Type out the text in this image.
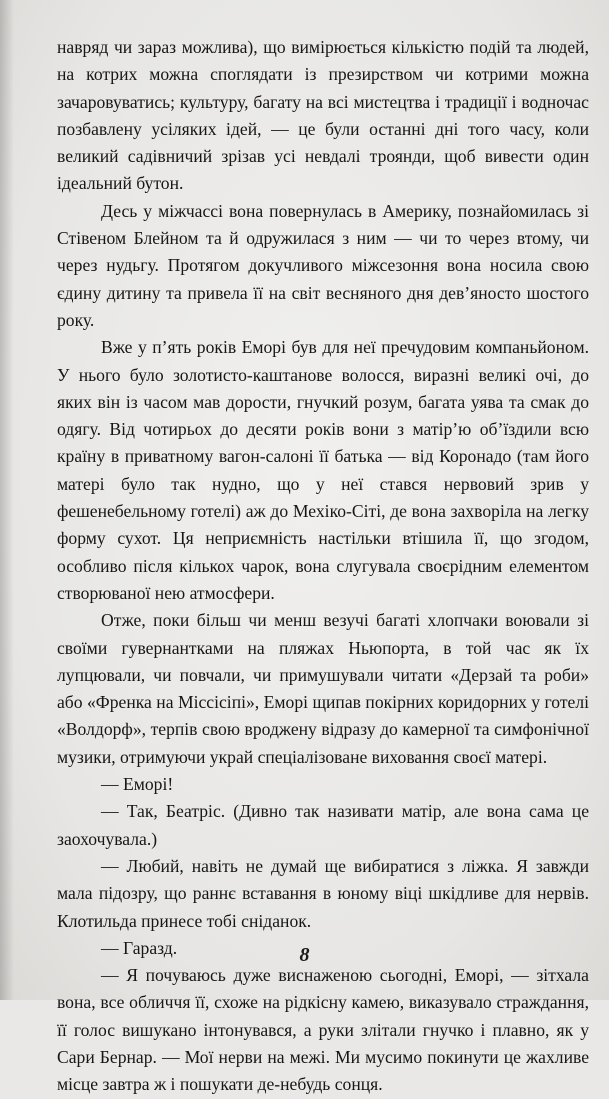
навряд чи зараз можлива), що вимірюється кількістю подій та людей, на котрих можна споглядати із презирством чи котрими можна зачаровуватись; культуру, багату на всі мистецтва і традиції і водночас позбавлену усіляких ідей, — це були останні дні того часу, коли великий садівничий зрізав усі невдалі троянди, щоб вивести один ідеальний бутон.

Десь у міжчассі вона повернулась в Америку, познайомилась зі Стівеном Блейном та й одружилася з ним — чи то через втому, чи через нудьгу. Протягом докучливого міжсезоння вона носила свою єдину дитину та привела її на світ весняного дня дев’яносто шостого року.

Вже у п’ять років Еморі був для неї пречудовим компаньйоном. У нього було золотисто-каштанове волосся, виразні великі очі, до яких він із часом мав дорости, гнучкий розум, багата уява та смак до одягу. Від чотирьох до десяти років вони з матір’ю об’їздили всю країну в приватному вагон-салоні її батька — від Коронадо (там його матері було так нудно, що у неї стався нервовий зрив у фешенебельному готелі) аж до Мехіко-Сіті, де вона захворіла на легку форму сухот. Ця неприємність настільки втішила її, що згодом, особливо після кількох чарок, вона слугувала своєрідним елементом створюваної нею атмосфери.

Отже, поки більш чи менш везучі багаті хлопчаки воювали зі своїми гувернантками на пляжах Ньюпорта, в той час як їх лупцювали, чи повчали, чи примушували читати «Дерзай та роби» або «Френка на Міссісіпі», Еморі щипав покірних коридорних у готелі «Волдорф», терпів свою вроджену відразу до камерної та симфонічної музики, отримуючи украй спеціалізоване виховання своєї матері.

— Еморі!

— Так, Беатріс. (Дивно так називати матір, але вона сама це заохочувала.)

— Любий, навіть не думай ще вибиратися з ліжка. Я завжди мала підозру, що раннє вставання в юному віці шкідливе для нервів. Клотильда принесе тобі сніданок.

— Гаразд.

— Я почуваюсь дуже виснаженою сьогодні, Еморі, — зітхала вона, все обличчя її, схоже на рідкісну камею, виказувало страждання, її голос вишукано інтонувався, а руки злітали гнучко і плавно, як у Сари Бернар. — Мої нерви на межі. Ми мусимо покинути це жахливе місце завтра ж і пошукати де-небудь сонця.

8
